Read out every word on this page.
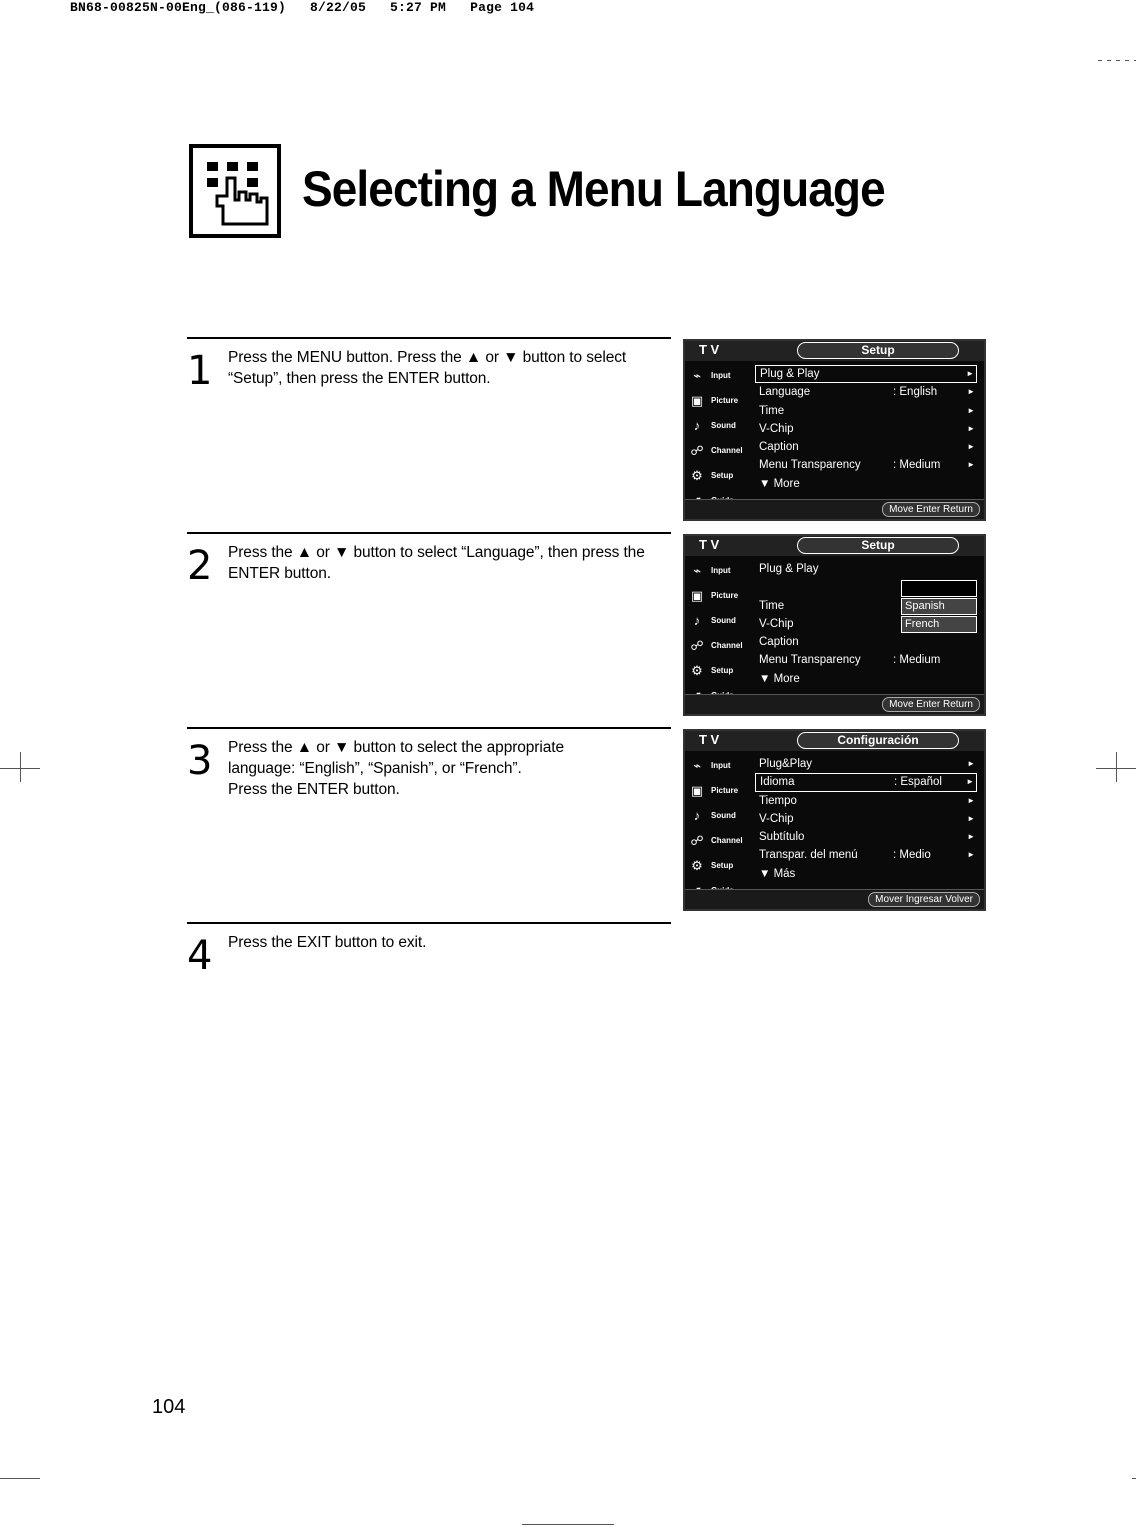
BN68-00825N-00Eng_(086-119)   8/22/05   5:27 PM   Page 104
Selecting a Menu Language
1 Press the MENU button. Press the ▲ or ▼ button to select “Setup”, then press the ENTER button.
2 Press the ▲ or ▼ button to select “Language”, then press the ENTER button.
3 Press the ▲ or ▼ button to select the appropriate
language: “English”, “Spanish”, or “French”.
Press the ENTER button.
4 Press the EXIT button to exit.
T V	Setup
⌁	Input
▣ Picture
♪	Sound
☍ Channel
⚙	Setup
Plug & Play	►
Language	: English	►
Time	►
V-Chip	►
Caption	►
Menu Transparency	: Medium	►
▼ More
Move Enter Return
T V	Setup
⌁	Input
▣ Picture
♪	Sound
☍ Channel
⚙	Setup
Plug & Play
Time
V-Chip
Caption
Menu Transparency	: Medium
▼ More
Spanish
French
Move Enter Return
T V	Configuración
⌁	Input
▣ Picture
♪	Sound
☍ Channel
⚙	Setup
Plug&Play	►
Idioma	: Español	►
Tiempo	►
V-Chip	►
Subtítulo	►
Transpar. del menú	: Medio	►
▼ Más
Mover Ingresar Volver
104
